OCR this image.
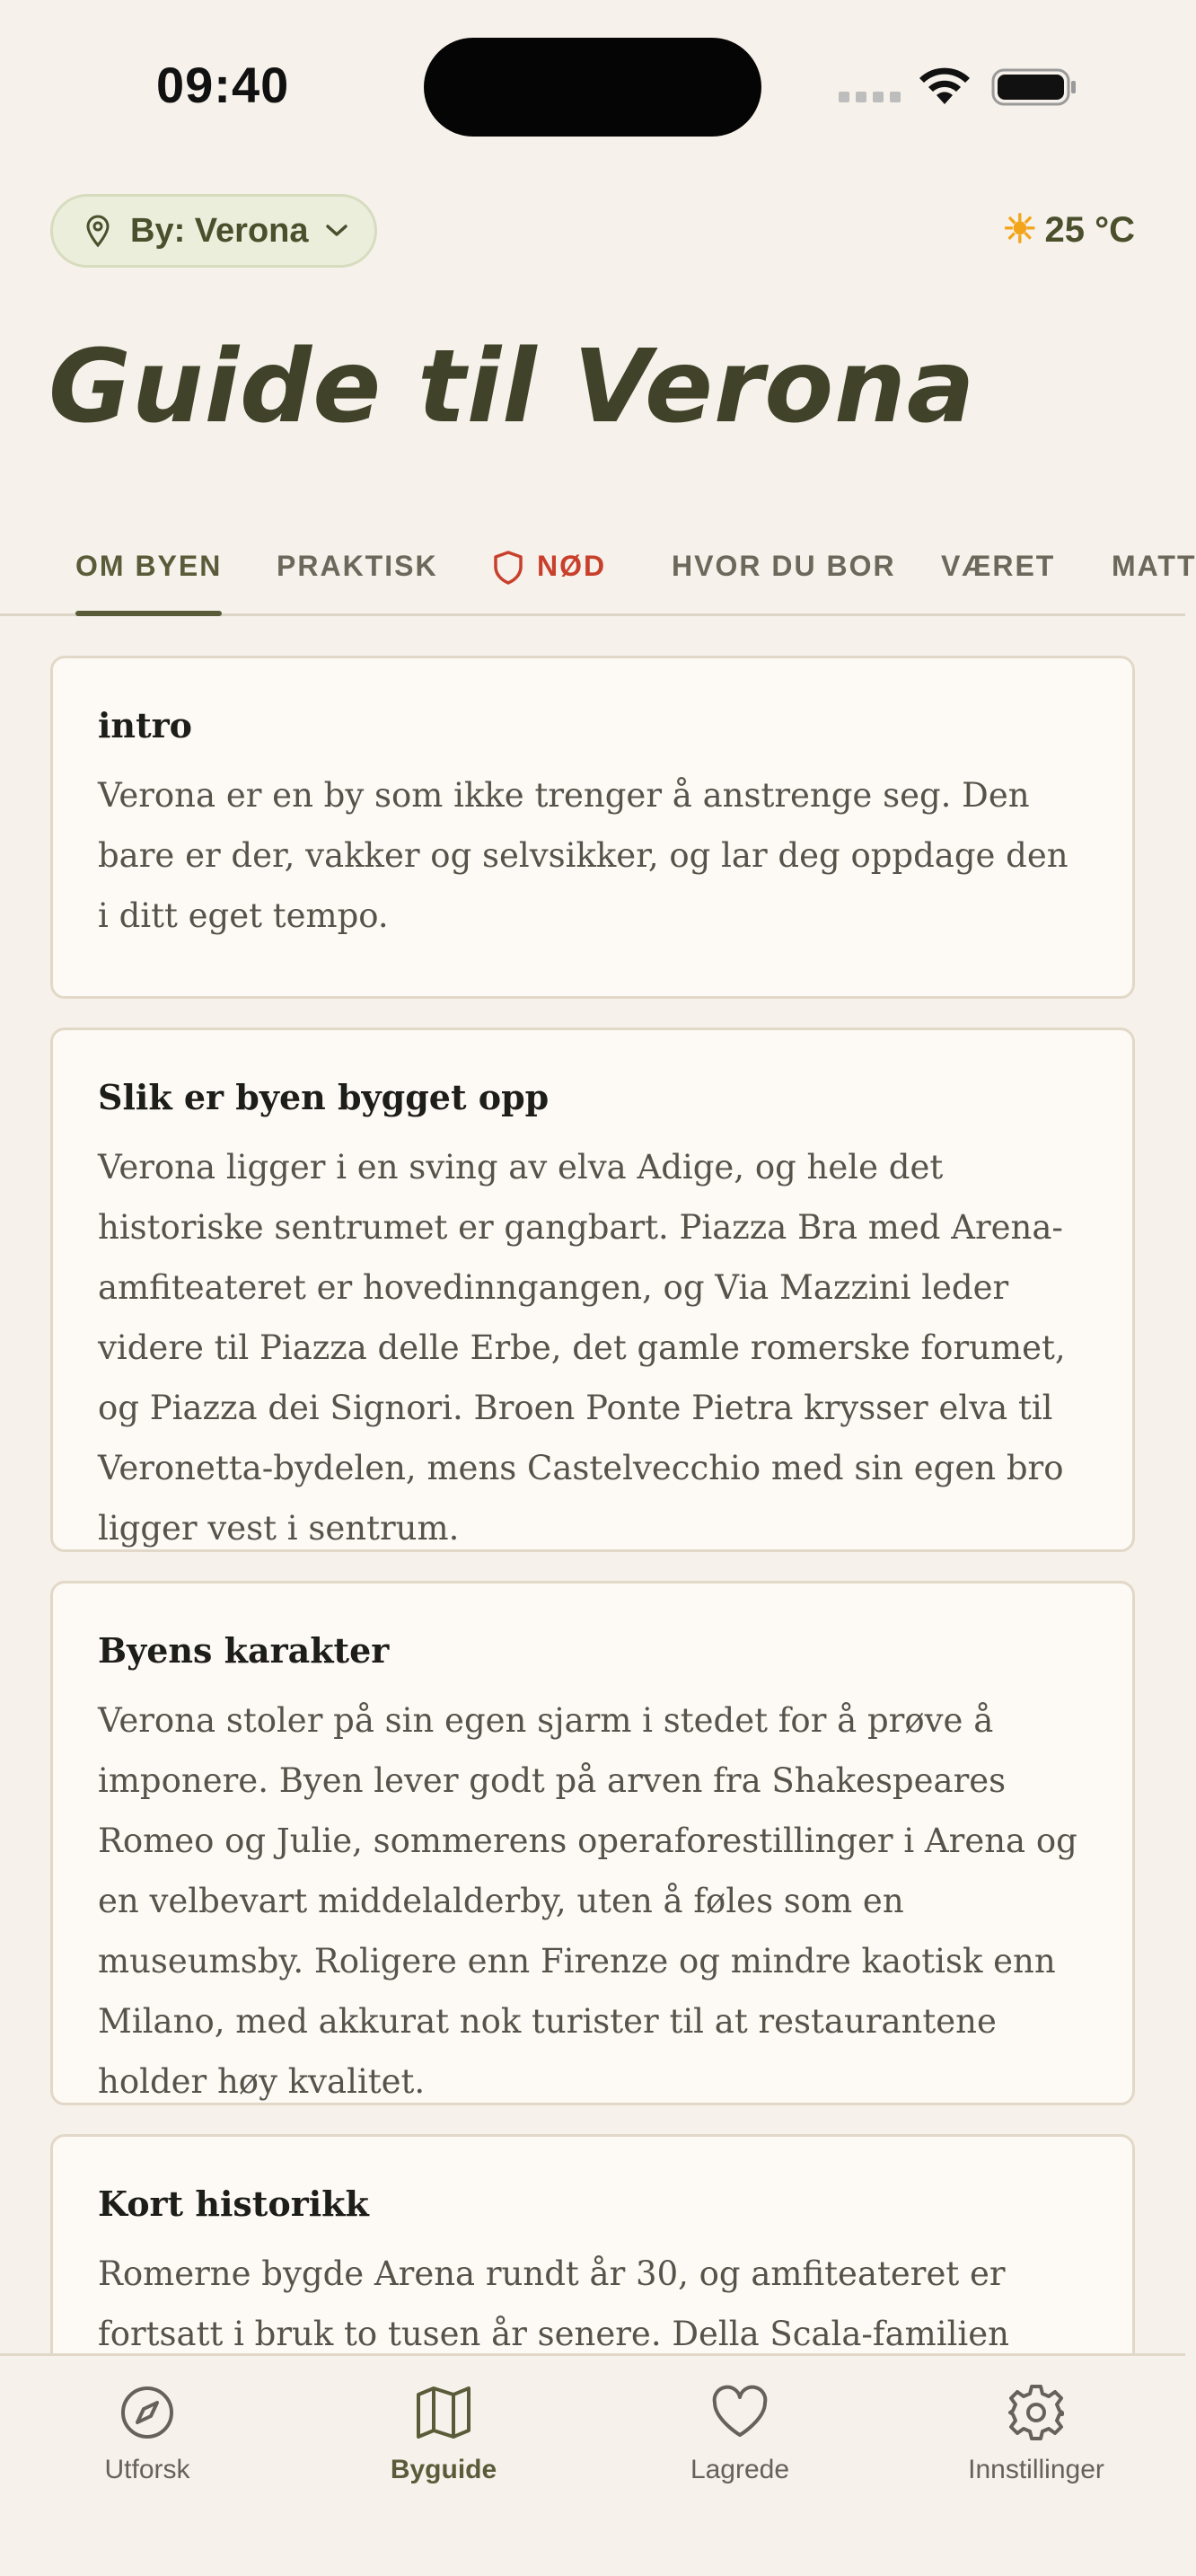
09:40
By: Verona	☀ 25 °C
Guide til Verona
OM BYEN PRAKTISK	NØD HVOR DU BOR VÆRET MATT
intro

Verona er en by som ikke trenger å anstrenge seg. Den bare er der, vakker og selvsikker, og lar deg oppdage den i ditt eget tempo.

Slik er byen bygget opp

Verona ligger i en sving av elva Adige, og hele det historiske sentrumet er gangbart. Piazza Bra med Arena-amfiteateret er hovedinngangen, og Via Mazzini leder videre til Piazza delle Erbe, det gamle romerske forumet, og Piazza dei Signori. Broen Ponte Pietra krysser elva til Veronetta-bydelen, mens Castelvecchio med sin egen bro ligger vest i sentrum.

Byens karakter

Verona stoler på sin egen sjarm i stedet for å prøve å imponere. Byen lever godt på arven fra Shakespeares Romeo og Julie, sommerens operaforestillinger i Arena og en velbevart middelalderby, uten å føles som en museumsby. Roligere enn Firenze og mindre kaotisk enn Milano, med akkurat nok turister til at restaurantene holder høy kvalitet.

Kort historikk

Romerne bygde Arena rundt år 30, og amfiteateret er fortsatt i bruk to tusen år senere. Della Scala-familien

Utforsk	Byguide	Lagrede	Innstillinger
